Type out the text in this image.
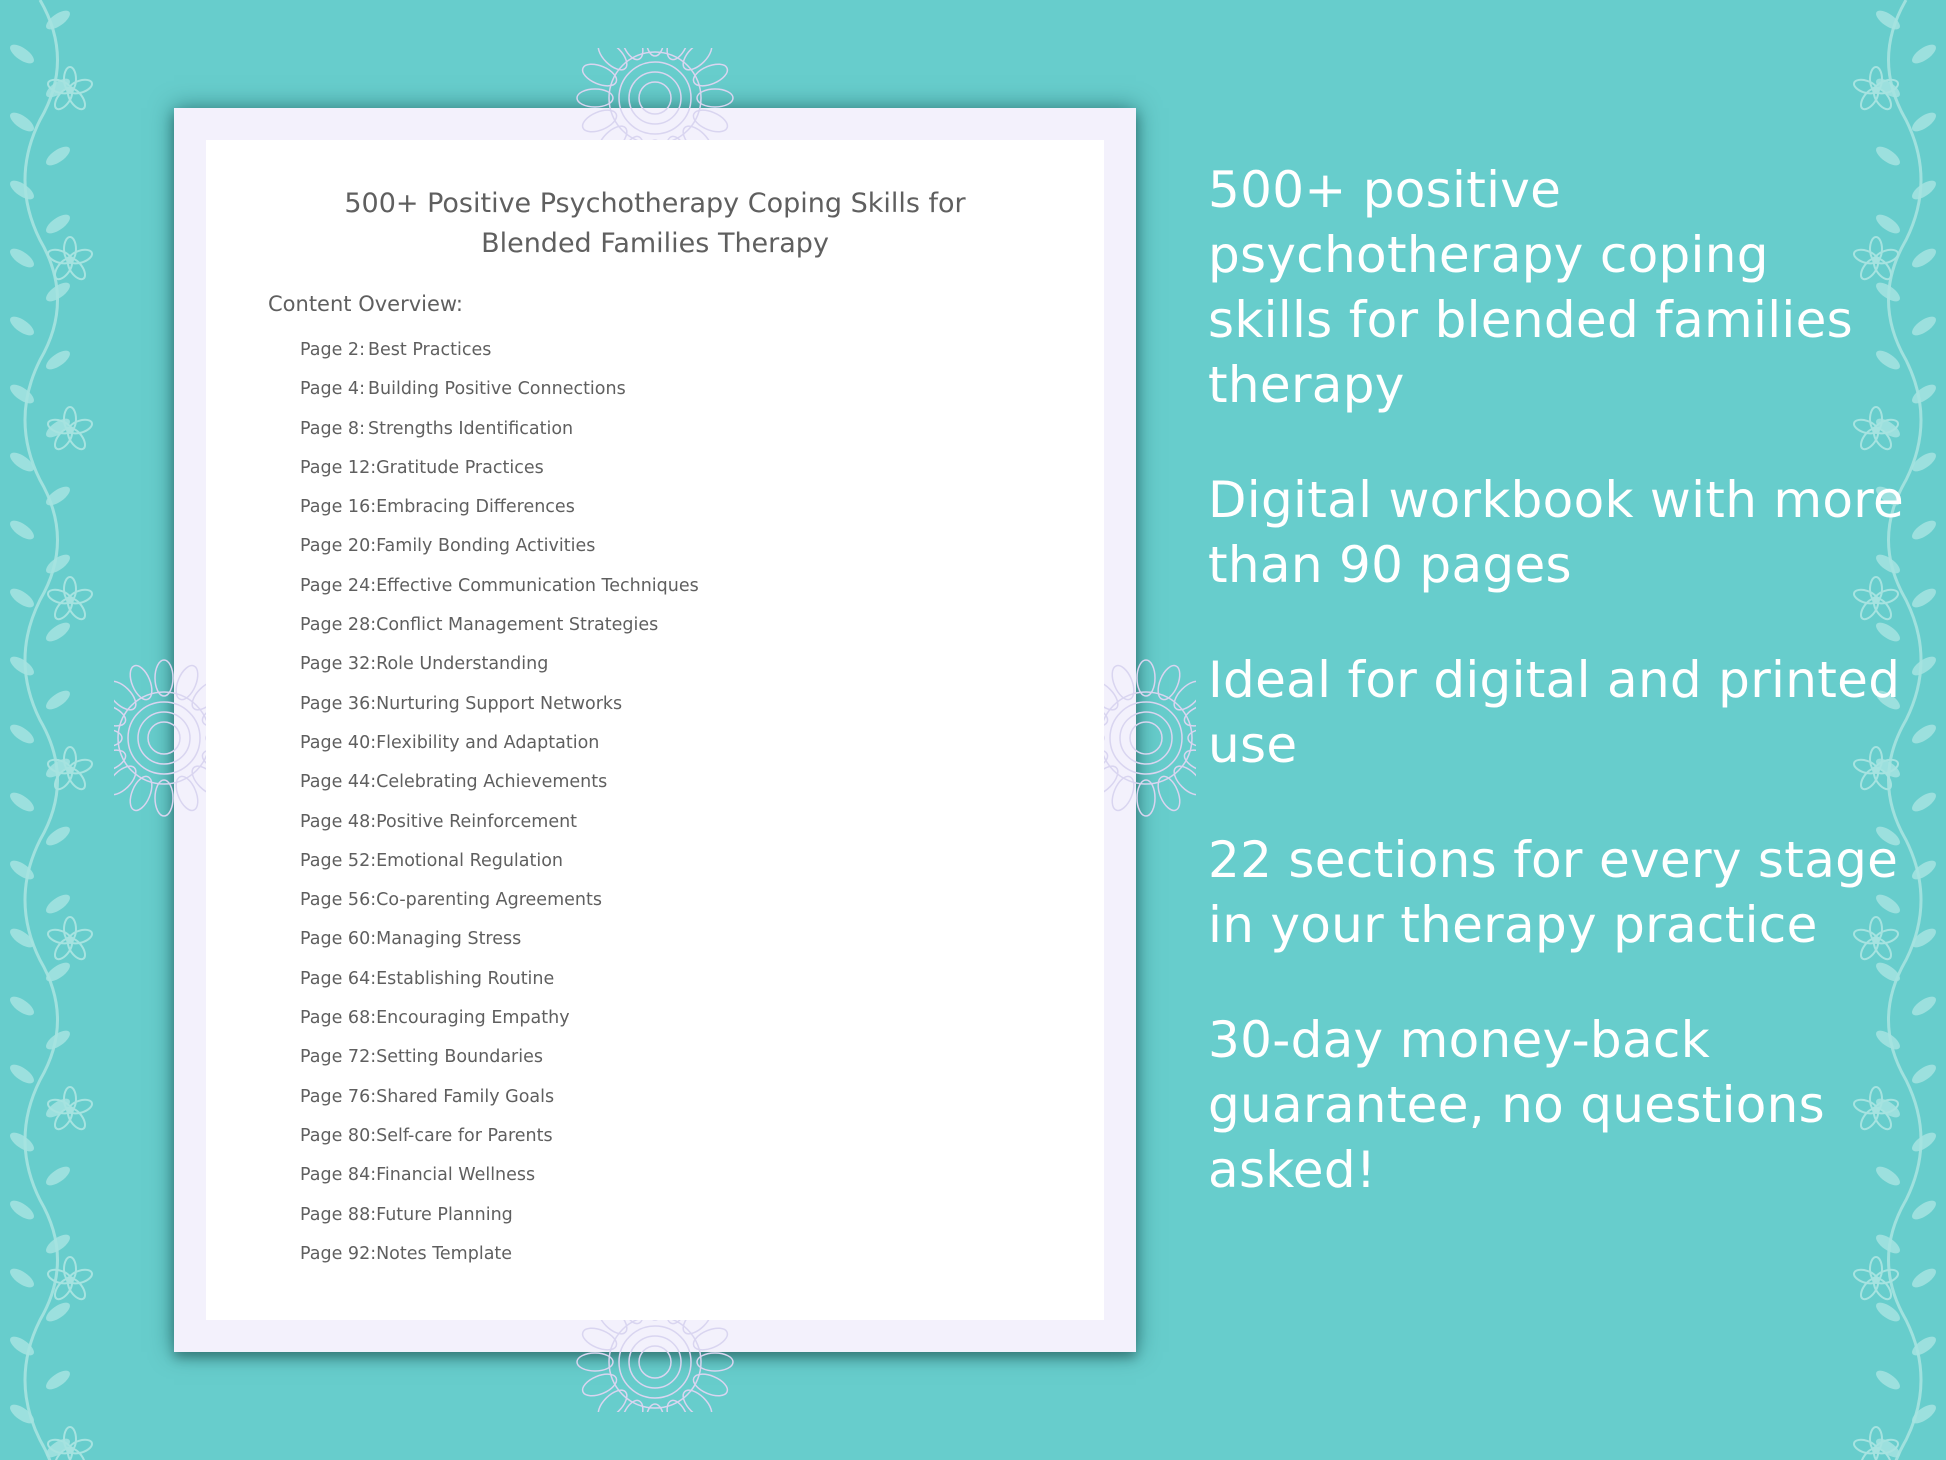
500+ Positive Psychotherapy Coping Skills for
Blended Families Therapy
Content Overview:
Page 2: Best Practices
Page 4: Building Positive Connections
Page 8: Strengths Identification
Page 12:Gratitude Practices
Page 16:Embracing Differences
Page 20:Family Bonding Activities
Page 24:Effective Communication Techniques
Page 28:Conflict Management Strategies
Page 32:Role Understanding
Page 36:Nurturing Support Networks
Page 40:Flexibility and Adaptation
Page 44:Celebrating Achievements
Page 48:Positive Reinforcement
Page 52:Emotional Regulation
Page 56:Co-parenting Agreements
Page 60:Managing Stress
Page 64:Establishing Routine
Page 68:Encouraging Empathy
Page 72:Setting Boundaries
Page 76:Shared Family Goals
Page 80:Self-care for Parents
Page 84:Financial Wellness
Page 88:Future Planning
Page 92:Notes Template

500+ positive psychotherapy coping skills for blended families therapy

Digital workbook with more than 90 pages

Ideal for digital and printed use

22 sections for every stage in your therapy practice

30-day money-back guarantee, no questions asked!
